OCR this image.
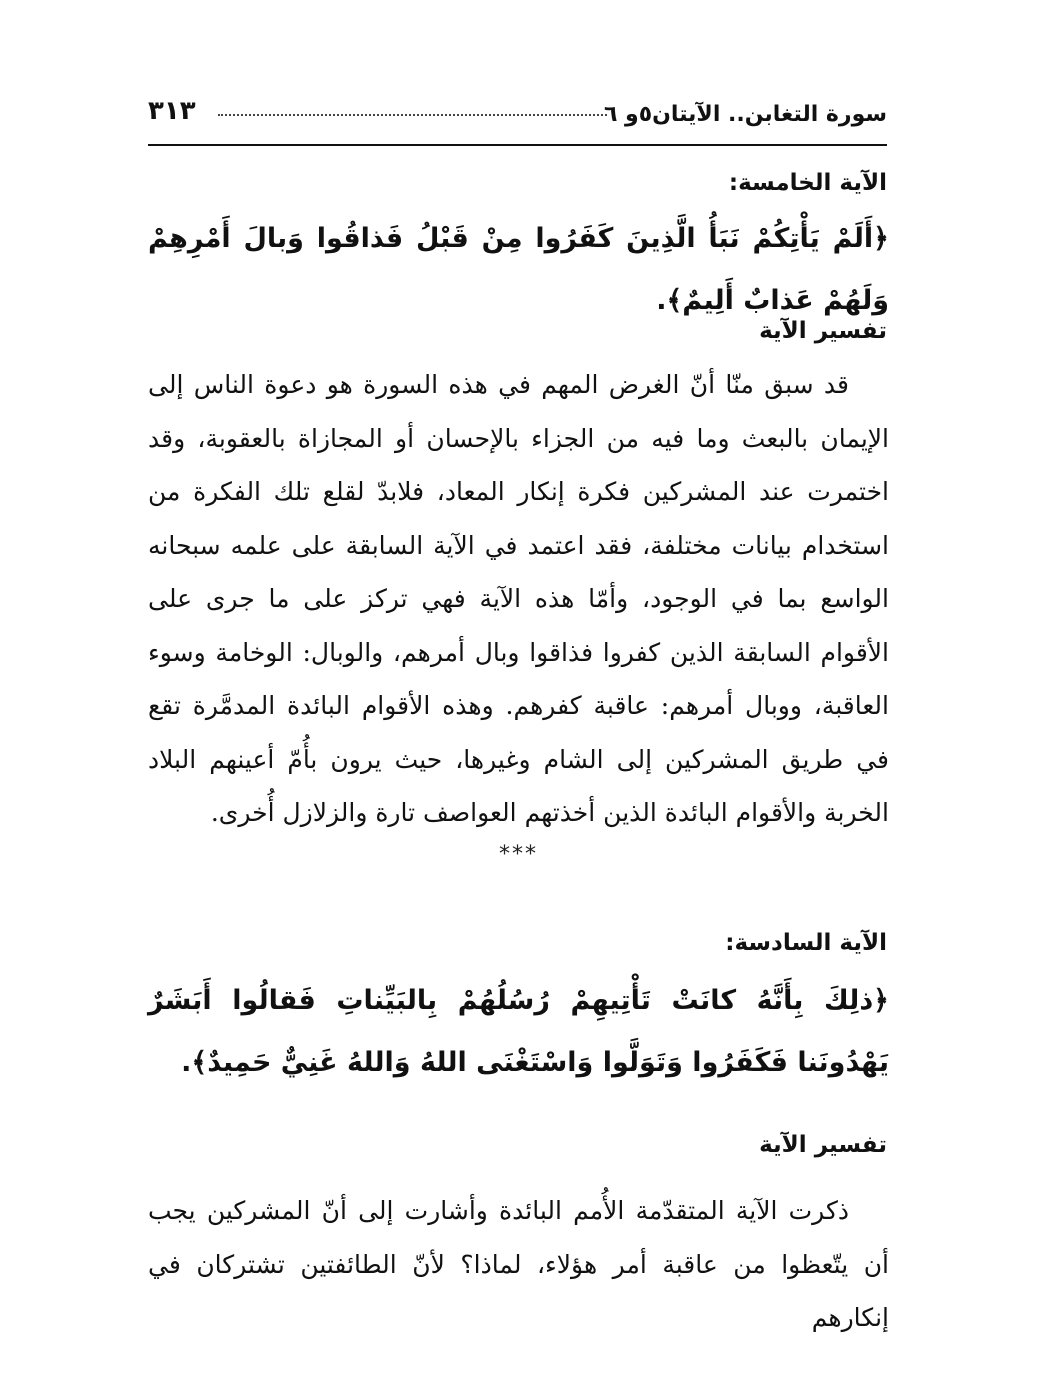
سورة التغابن.. الآيتان٥و ٦
٣١٣
الآية الخامسة:
﴿أَلَمْ يَأْتِكُمْ نَبَأُ الَّذِينَ كَفَرُوا مِنْ قَبْلُ فَذاقُوا وَبالَ أَمْرِهِمْ وَلَهُمْ عَذابٌ أَلِيمٌ﴾.
تفسير الآية
قد سبق منّا أنّ الغرض المهم في هذه السورة هو دعوة الناس إلى الإيمان بالبعث وما فيه من الجزاء بالإحسان أو المجازاة بالعقوبة، وقد اختمرت عند المشركين فكرة إنكار المعاد، فلابدّ لقلع تلك الفكرة من استخدام بيانات مختلفة، فقد اعتمد في الآية السابقة على علمه سبحانه الواسع بما في الوجود، وأمّا هذه الآية فهي تركز على ما جرى على الأقوام السابقة الذين كفروا فذاقوا وبال أمرهم، والوبال: الوخامة وسوء العاقبة، ووبال أمرهم: عاقبة كفرهم. وهذه الأقوام البائدة المدمَّرة تقع في طريق المشركين إلى الشام وغيرها، حيث يرون بأُمّ أعينهم البلاد الخربة والأقوام البائدة الذين أخذتهم العواصف تارة والزلازل أُخرى.
***
الآية السادسة:
﴿ذلِكَ بِأَنَّهُ كانَتْ تَأْتِيهِمْ رُسُلُهُمْ بِالبَيِّناتِ فَقالُوا أَبَشَرٌ يَهْدُونَنا فَكَفَرُوا وَتَوَلَّوا وَاسْتَغْنَى اللهُ وَاللهُ غَنِيٌّ حَمِيدٌ﴾.
تفسير الآية
ذكرت الآية المتقدّمة الأُمم البائدة وأشارت إلى أنّ المشركين يجب أن يتّعظوا من عاقبة أمر هؤلاء، لماذا؟ لأنّ الطائفتين تشتركان في إنكارهم
